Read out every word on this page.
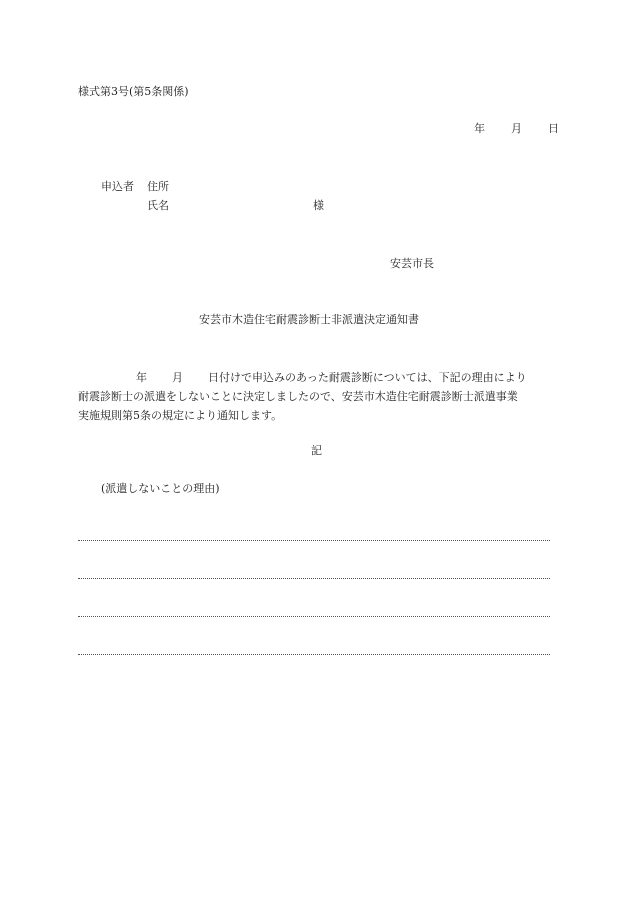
様式第3号(第5条関係)
年 月 日
申込者 住所
氏名	様
安芸市長
安芸市木造住宅耐震診断士非派遣決定通知書
年 月 日付けで申込みのあった耐震診断については、下記の理由により
耐震診断士の派遣をしないことに決定しましたので、安芸市木造住宅耐震診断士派遣事業
実施規則第5条の規定により通知します。
記
(派遣しないことの理由)
